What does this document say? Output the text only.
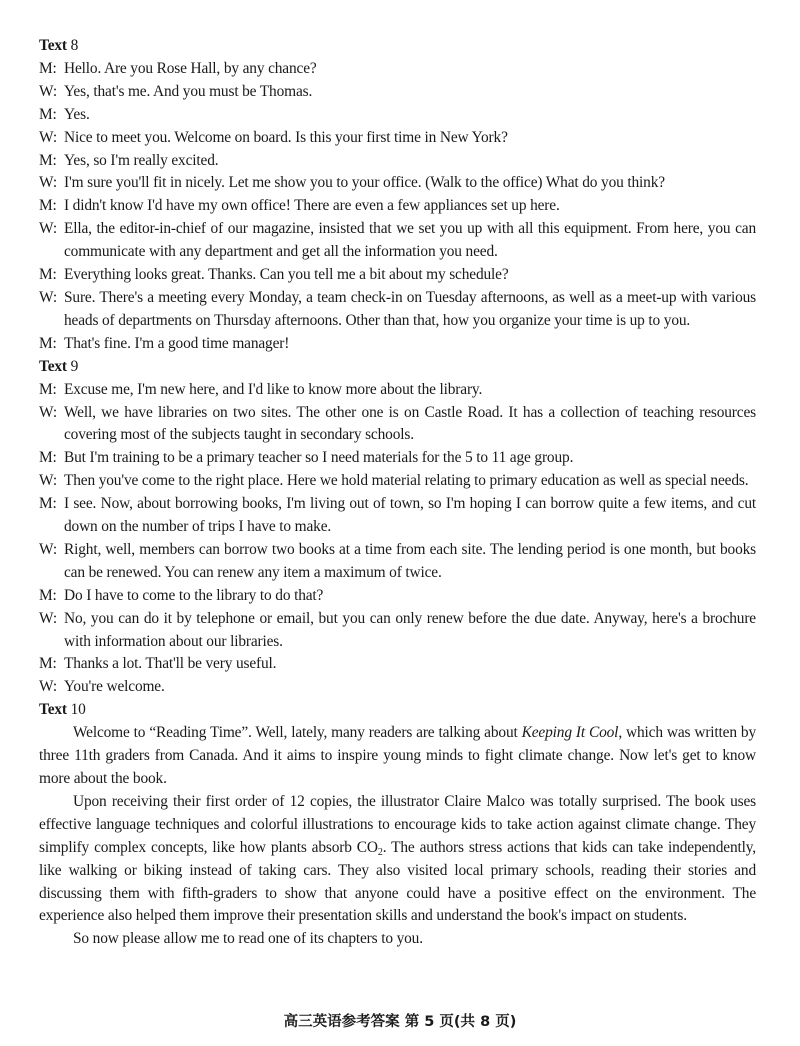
Text 8
M: Hello. Are you Rose Hall, by any chance?
W: Yes, that's me. And you must be Thomas.
M: Yes.
W: Nice to meet you. Welcome on board. Is this your first time in New York?
M: Yes, so I'm really excited.
W: I'm sure you'll fit in nicely. Let me show you to your office. (Walk to the office) What do you think?
M: I didn't know I'd have my own office! There are even a few appliances set up here.
W: Ella, the editor-in-chief of our magazine, insisted that we set you up with all this equipment. From here, you can communicate with any department and get all the information you need.
M: Everything looks great. Thanks. Can you tell me a bit about my schedule?
W: Sure. There's a meeting every Monday, a team check-in on Tuesday afternoons, as well as a meet-up with various heads of departments on Thursday afternoons. Other than that, how you organize your time is up to you.
M: That's fine. I'm a good time manager!
Text 9
M: Excuse me, I'm new here, and I'd like to know more about the library.
W: Well, we have libraries on two sites. The other one is on Castle Road. It has a collection of teaching resources covering most of the subjects taught in secondary schools.
M: But I'm training to be a primary teacher so I need materials for the 5 to 11 age group.
W: Then you've come to the right place. Here we hold material relating to primary education as well as special needs.
M: I see. Now, about borrowing books, I'm living out of town, so I'm hoping I can borrow quite a few items, and cut down on the number of trips I have to make.
W: Right, well, members can borrow two books at a time from each site. The lending period is one month, but books can be renewed. You can renew any item a maximum of twice.
M: Do I have to come to the library to do that?
W: No, you can do it by telephone or email, but you can only renew before the due date. Anyway, here's a brochure with information about our libraries.
M: Thanks a lot. That'll be very useful.
W: You're welcome.
Text 10
Welcome to “Reading Time”. Well, lately, many readers are talking about Keeping It Cool, which was written by three 11th graders from Canada. And it aims to inspire young minds to fight climate change. Now let's get to know more about the book.
Upon receiving their first order of 12 copies, the illustrator Claire Malco was totally surprised. The book uses effective language techniques and colorful illustrations to encourage kids to take action against climate change. They simplify complex concepts, like how plants absorb $CO_2$. The authors stress actions that kids can take independently, like walking or biking instead of taking cars. They also visited local primary schools, reading their stories and discussing them with fifth-graders to show that anyone could have a positive effect on the environment. The experience also helped them improve their presentation skills and understand the book's impact on students.
So now please allow me to read one of its chapters to you.
高三英语参考答案 第 5 页(共 8 页)
